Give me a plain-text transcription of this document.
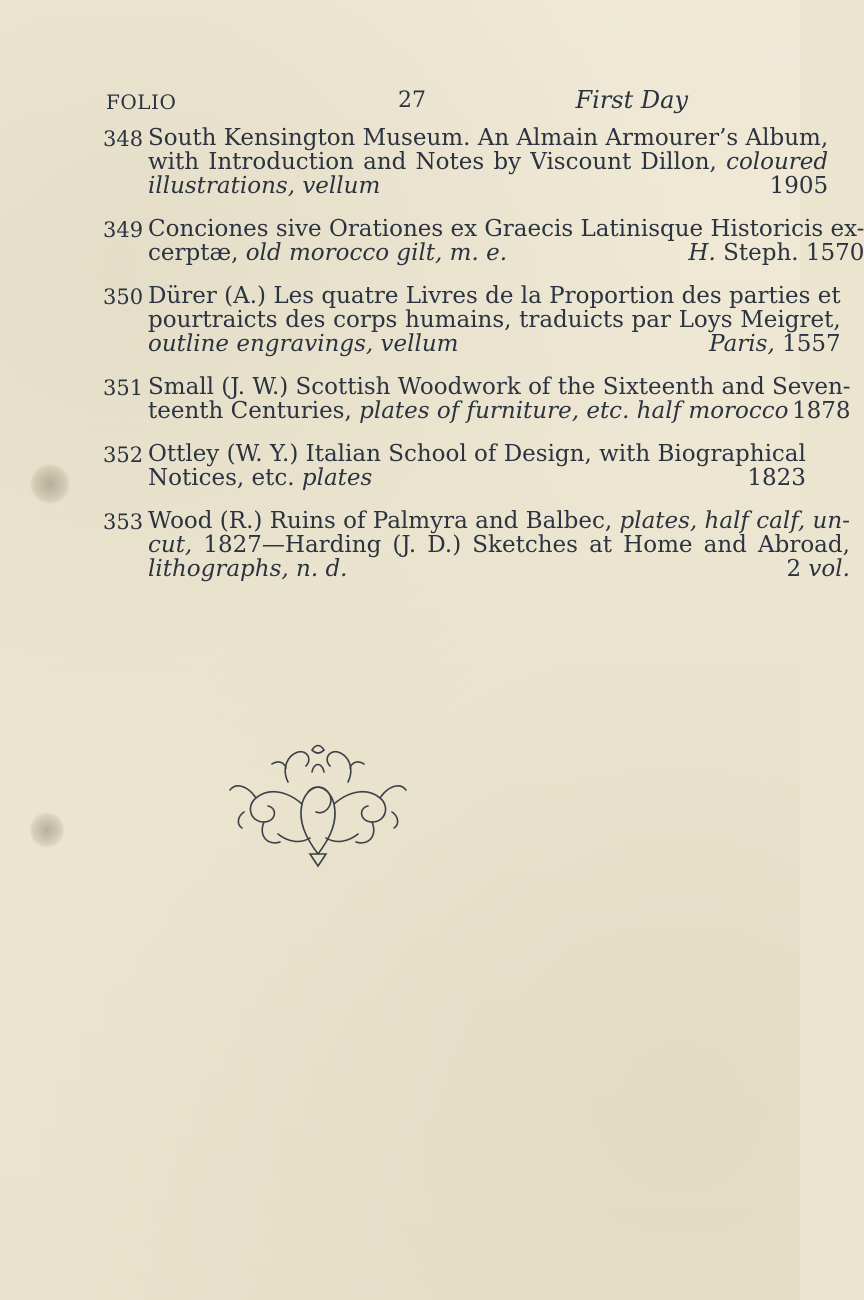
FOLIO	27	First Day
348 South Kensington Museum. An Almain Armourer’s Album,
with Introduction and Notes by Viscount Dillon, coloured
illustrations, vellum	1905
349 Conciones sive Orationes ex Graecis Latinisque Historicis ex-
cerptæ, old morocco gilt, m. e.	H. Steph. 1570
350 Dürer (A.) Les quatre Livres de la Proportion des parties et
pourtraicts des corps humains, traduicts par Loys Meigret,
outline engravings, vellum	Paris, 1557
351 Small (J. W.) Scottish Woodwork of the Sixteenth and Seven-
teenth Centuries, plates of furniture, etc. half morocco 1878
352 Ottley (W. Y.) Italian School of Design, with Biographical
Notices, etc. plates	1823
353 Wood (R.) Ruins of Palmyra and Balbec, plates, half calf, un-
cut, 1827—Harding (J. D.) Sketches at Home and Abroad,
lithographs, n. d.	2 vol.
